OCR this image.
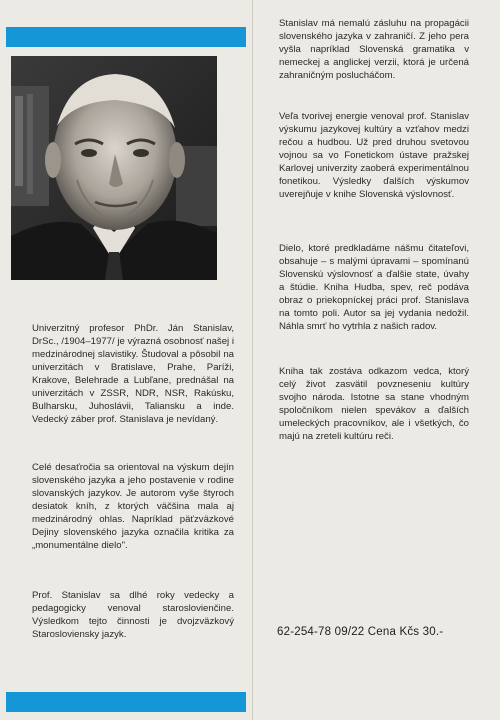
Univerzitný profesor PhDr. Ján Stanislav, DrSc., /1904–1977/ je výrazná osobnosť našej i medzinárodnej slavistiky. Študoval a pôsobil na univerzitách v Bratislave, Prahe, Paríži, Krakove, Belehrade a Lubľane, prednášal na univerzitách v ZSSR, NDR, NSR, Rakúsku, Bulharsku, Juhoslávii, Taliansku a inde. Vedecký záber prof. Stanislava je nevídaný.

Celé desaťročia sa orientoval na výskum dejín slovenského jazyka a jeho postavenie v rodine slovanských jazykov. Je autorom vyše štyroch desiatok kníh, z ktorých väčšina mala aj medzinárodný ohlas. Napríklad päťzväzkové Dejiny slovenského jazyka označila kritika za „monumentálne dielo".

Prof. Stanislav sa dlhé roky vedecky a pedagogicky venoval staroslovienčine. Výsledkom tejto činnosti je dvojzväzkový Starosloviensky jazyk.

Stanislav má nemalú zásluhu na propagácii slovenského jazyka v zahraničí. Z jeho pera vyšla napríklad Slovenská gramatika v nemeckej a anglickej verzii, ktorá je určená zahraničným poslucháčom.

Veľa tvorivej energie venoval prof. Stanislav výskumu jazykovej kultúry a vzťahov medzi rečou a hudbou. Už pred druhou svetovou vojnou sa vo Fonetickom ústave pražskej Karlovej univerzity zaoberá experimentálnou fonetikou. Výsledky ďalších výskumov uverejňuje v knihe Slovenská výslovnosť.

Dielo, ktoré predkladáme nášmu čitateľovi, obsahuje – s malými úpravami – spomínanú Slovenskú výslovnosť a ďalšie state, úvahy a štúdie. Kniha Hudba, spev, reč podáva obraz o priekopníckej práci prof. Stanislava na tomto poli. Autor sa jej vydania nedožil. Náhla smrť ho vytrhla z našich radov.

Kniha tak zostáva odkazom vedca, ktorý celý život zasvätil povzneseniu kultúry svojho národa. Istotne sa stane vhodným spoločníkom nielen spevákov a ďalších umeleckých pracovníkov, ale i všetkých, čo majú na zreteli kultúru reči.

62-254-78 09/22 Cena Kčs 30.-
